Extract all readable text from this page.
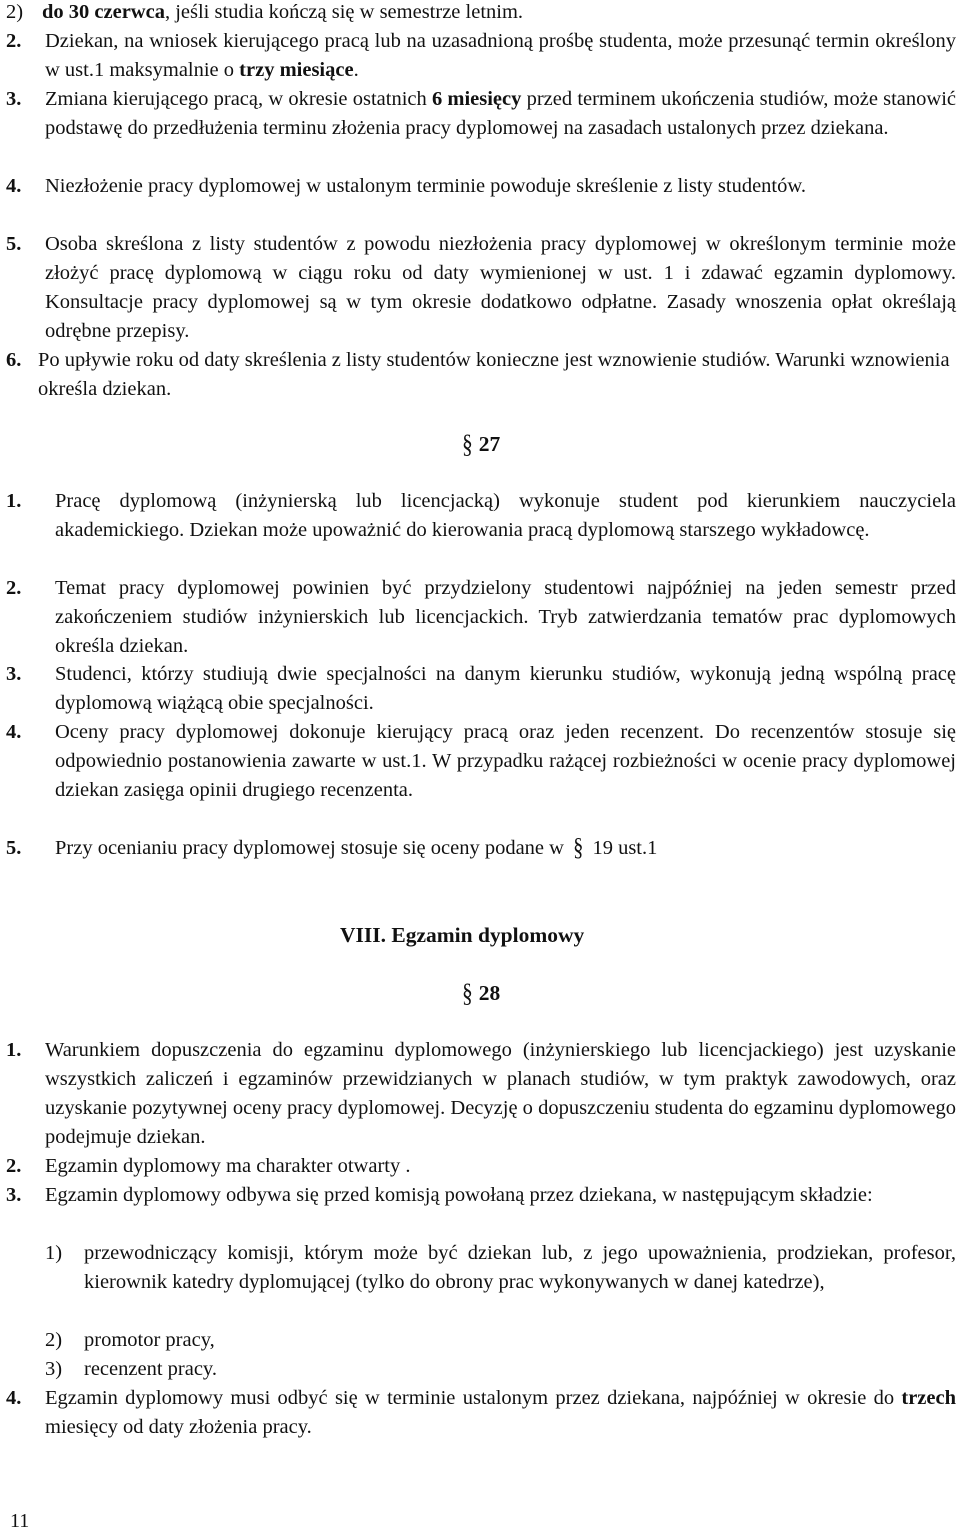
2) do 30 czerwca, jeśli studia kończą się w semestrze letnim.
2.	Dziekan, na wniosek kierującego pracą lub na uzasadnioną prośbę studenta, może przesunąć termin określony w ust.1 maksymalnie o trzy miesiące.
3.	Zmiana kierującego pracą, w okresie ostatnich 6 miesięcy przed terminem ukończenia studiów, może stanowić podstawę do przedłużenia terminu złożenia pracy dyplomowej na zasadach ustalonych przez dziekana.
4.	Niezłożenie pracy dyplomowej w ustalonym terminie powoduje skreślenie z listy studentów.
5.	Osoba skreślona z listy studentów z powodu niezłożenia pracy dyplomowej w określonym terminie może złożyć pracę dyplomową w ciągu roku od daty wymienionej w ust. 1 i zdawać egzamin dyplomowy. Konsultacje pracy dyplomowej są w tym okresie dodatkowo odpłatne. Zasady wnoszenia opłat określają odrębne przepisy.
6. Po upływie roku od daty skreślenia z listy studentów konieczne jest wznowienie studiów. Warunki wznowienia określa dziekan.
§ 27
1.	Pracę dyplomową (inżynierską lub licencjacką) wykonuje student pod kierunkiem nauczyciela akademickiego. Dziekan może upoważnić do kierowania pracą dyplomową starszego wykładowcę.
2.	Temat pracy dyplomowej powinien być przydzielony studentowi najpóźniej na jeden semestr przed zakończeniem studiów inżynierskich lub licencjackich. Tryb zatwierdzania tematów prac dyplomowych określa dziekan.
3.	Studenci, którzy studiują dwie specjalności na danym kierunku studiów, wykonują jedną wspólną pracę dyplomową wiążącą obie specjalności.
4.	Oceny pracy dyplomowej dokonuje kierujący pracą oraz jeden recenzent. Do recenzentów stosuje się odpowiednio postanowienia zawarte w ust.1. W przypadku rażącej rozbieżności w ocenie pracy dyplomowej dziekan zasięga opinii drugiego recenzenta.
5.	Przy ocenianiu pracy dyplomowej stosuje się oceny podane w § 19 ust.1
VIII. Egzamin dyplomowy
§ 28
1.	Warunkiem dopuszczenia do egzaminu dyplomowego (inżynierskiego lub licencjackiego) jest uzyskanie wszystkich zaliczeń i egzaminów przewidzianych w planach studiów, w tym praktyk zawodowych, oraz uzyskanie pozytywnej oceny pracy dyplomowej. Decyzję o dopuszczeniu studenta do egzaminu dyplomowego podejmuje dziekan.
2.	Egzamin dyplomowy ma charakter otwarty .
3.	Egzamin dyplomowy odbywa się przed komisją powołaną przez dziekana, w następującym składzie:
1)	przewodniczący komisji, którym może być dziekan lub, z jego upoważnienia, prodziekan, profesor, kierownik katedry dyplomującej (tylko do obrony prac wykonywanych w danej katedrze),
2)	promotor pracy,
3)	recenzent pracy.
4.	Egzamin dyplomowy musi odbyć się w terminie ustalonym przez dziekana, najpóźniej w okresie do trzech miesięcy od daty złożenia pracy.
11
